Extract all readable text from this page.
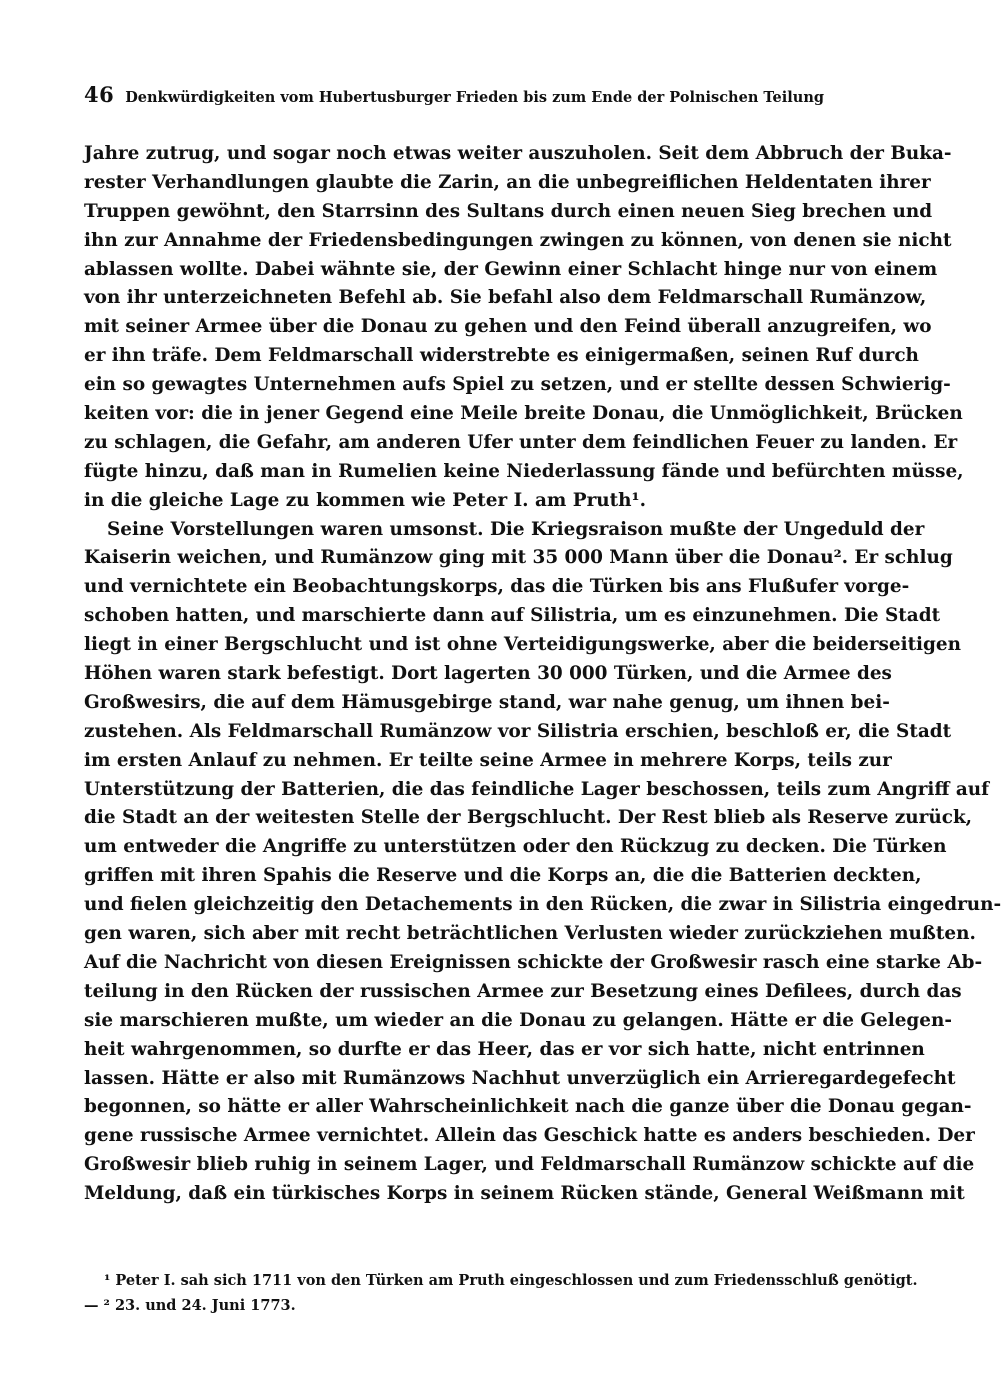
46 Denkwürdigkeiten vom Hubertusburger Frieden bis zum Ende der Polnischen Teilung
Jahre zutrug, und sogar noch etwas weiter auszuholen. Seit dem Abbruch der Buka-
rester Verhandlungen glaubte die Zarin, an die unbegreiflichen Heldentaten ihrer
Truppen gewöhnt, den Starrsinn des Sultans durch einen neuen Sieg brechen und
ihn zur Annahme der Friedensbedingungen zwingen zu können, von denen sie nicht
ablassen wollte. Dabei wähnte sie, der Gewinn einer Schlacht hinge nur von einem
von ihr unterzeichneten Befehl ab. Sie befahl also dem Feldmarschall Rumänzow,
mit seiner Armee über die Donau zu gehen und den Feind überall anzugreifen, wo
er ihn träfe. Dem Feldmarschall widerstrebte es einigermaßen, seinen Ruf durch
ein so gewagtes Unternehmen aufs Spiel zu setzen, und er stellte dessen Schwierig-
keiten vor: die in jener Gegend eine Meile breite Donau, die Unmöglichkeit, Brücken
zu schlagen, die Gefahr, am anderen Ufer unter dem feindlichen Feuer zu landen. Er
fügte hinzu, daß man in Rumelien keine Niederlassung fände und befürchten müsse,
in die gleiche Lage zu kommen wie Peter I. am Pruth¹.
Seine Vorstellungen waren umsonst. Die Kriegsraison mußte der Ungeduld der
Kaiserin weichen, und Rumänzow ging mit 35 000 Mann über die Donau². Er schlug
und vernichtete ein Beobachtungskorps, das die Türken bis ans Flußufer vorge-
schoben hatten, und marschierte dann auf Silistria, um es einzunehmen. Die Stadt
liegt in einer Bergschlucht und ist ohne Verteidigungswerke, aber die beiderseitigen
Höhen waren stark befestigt. Dort lagerten 30 000 Türken, und die Armee des
Großwesirs, die auf dem Hämusgebirge stand, war nahe genug, um ihnen bei-
zustehen. Als Feldmarschall Rumänzow vor Silistria erschien, beschloß er, die Stadt
im ersten Anlauf zu nehmen. Er teilte seine Armee in mehrere Korps, teils zur
Unterstützung der Batterien, die das feindliche Lager beschossen, teils zum Angriff auf
die Stadt an der weitesten Stelle der Bergschlucht. Der Rest blieb als Reserve zurück,
um entweder die Angriffe zu unterstützen oder den Rückzug zu decken. Die Türken
griffen mit ihren Spahis die Reserve und die Korps an, die die Batterien deckten,
und fielen gleichzeitig den Detachements in den Rücken, die zwar in Silistria eingedrun-
gen waren, sich aber mit recht beträchtlichen Verlusten wieder zurückziehen mußten.
Auf die Nachricht von diesen Ereignissen schickte der Großwesir rasch eine starke Ab-
teilung in den Rücken der russischen Armee zur Besetzung eines Defilees, durch das
sie marschieren mußte, um wieder an die Donau zu gelangen. Hätte er die Gelegen-
heit wahrgenommen, so durfte er das Heer, das er vor sich hatte, nicht entrinnen
lassen. Hätte er also mit Rumänzows Nachhut unverzüglich ein Arrieregardegefecht
begonnen, so hätte er aller Wahrscheinlichkeit nach die ganze über die Donau gegan-
gene russische Armee vernichtet. Allein das Geschick hatte es anders beschieden. Der
Großwesir blieb ruhig in seinem Lager, und Feldmarschall Rumänzow schickte auf die
Meldung, daß ein türkisches Korps in seinem Rücken stände, General Weißmann mit
¹ Peter I. sah sich 1711 von den Türken am Pruth eingeschlossen und zum Friedensschluß genötigt.
— ² 23. und 24. Juni 1773.
